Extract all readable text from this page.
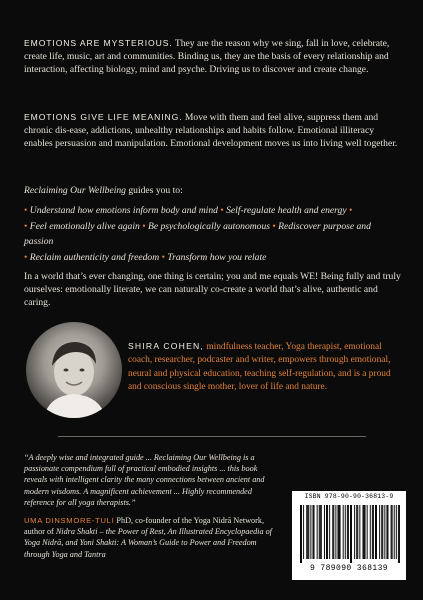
EMOTIONS ARE MYSTERIOUS. They are the reason why we sing, fall in love, celebrate, create life, music, art and communities. Binding us, they are the basis of every relationship and interaction, affecting biology, mind and psyche. Driving us to discover and create change.

EMOTIONS GIVE LIFE MEANING. Move with them and feel alive, suppress them and chronic dis-ease, addictions, unhealthy relationships and habits follow. Emotional illiteracy enables persuasion and manipulation. Emotional development moves us into living well together.

Reclaiming Our Wellbeing guides you to:

• Understand how emotions inform body and mind • Self-regulate health and energy •
• Feel emotionally alive again • Be psychologically autonomous • Rediscover purpose and passion
• Reclaim authenticity and freedom • Transform how you relate

In a world that’s ever changing, one thing is certain; you and me equals WE! Being fully and truly ourselves: emotionally literate, we can naturally co-create a world that’s alive, authentic and caring.

SHIRA COHEN, mindfulness teacher, Yoga therapist, emotional coach, researcher, podcaster and writer, empowers through emotional, neural and physical education, teaching self-regulation, and is a proud and conscious single mother, lover of life and nature.

“A deeply wise and integrated guide ... Reclaiming Our Wellbeing is a passionate compendium full of practical embodied insights ... this book reveals with intelligent clarity the many connections between ancient and modern wisdoms. A magnificent achievement ... Highly recommended reference for all yoga therapists.”

UMA DINSMORE-TULI PhD, co-founder of the Yoga Nidrā Network, author of Nidra Shakti – the Power of Rest, An Illustrated Encyclopaedia of Yoga Nidrā, and Yoni Shakti: A Woman’s Guide to Power and Freedom through Yoga and Tantra

ISBN 978-90-90-36813-9
9 789090 368139
